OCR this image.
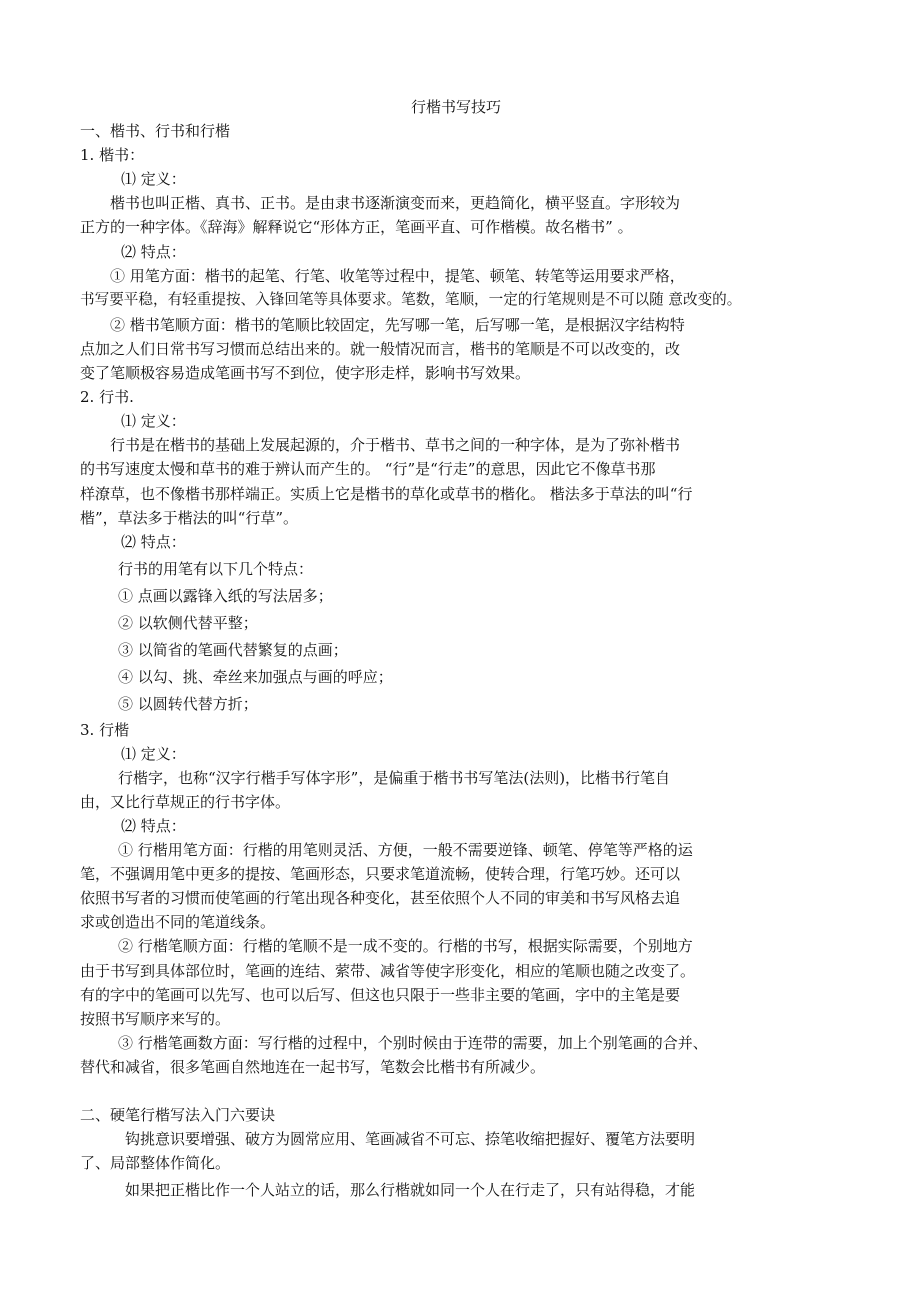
行楷书写技巧
一、楷书、行书和行楷
1. 楷书：
⑴ 定义：
楷书也叫正楷、真书、正书。是由隶书逐渐演变而来，更趋简化，横平竖直。字形较为
正方的一种字体。《辞海》解释说它“形体方正，笔画平直、可作楷模。故名楷书” 。
⑵ 特点：
① 用笔方面：楷书的起笔、行笔、收笔等过程中，提笔、顿笔、转笔等运用要求严格，
书写要平稳，有轻重提按、入锋回笔等具体要求。笔数，笔顺，一定的行笔规则是不可以随 意改变的。
② 楷书笔顺方面：楷书的笔顺比较固定，先写哪一笔，后写哪一笔，是根据汉字结构特
点加之人们日常书写习惯而总结出来的。就一般情况而言，楷书的笔顺是不可以改变的，改
变了笔顺极容易造成笔画书写不到位，使字形走样，影响书写效果。
2. 行书.
⑴ 定义：
行书是在楷书的基础上发展起源的，介于楷书、草书之间的一种字体，是为了弥补楷书
的书写速度太慢和草书的难于辨认而产生的。 “行”是“行走”的意思，因此它不像草书那
样潦草，也不像楷书那样端正。实质上它是楷书的草化或草书的楷化。 楷法多于草法的叫“行
楷”，草法多于楷法的叫“行草”。
⑵ 特点：
行书的用笔有以下几个特点：
① 点画以露锋入纸的写法居多；
② 以软侧代替平整；
③ 以简省的笔画代替繁复的点画；
④ 以勾、挑、牵丝来加强点与画的呼应；
⑤ 以圆转代替方折；
3. 行楷
⑴ 定义：
行楷字，也称“汉字行楷手写体字形”，是偏重于楷书书写笔法(法则)，比楷书行笔自
由，又比行草规正的行书字体。
⑵ 特点：
① 行楷用笔方面：行楷的用笔则灵活、方便，一般不需要逆锋、顿笔、停笔等严格的运
笔，不强调用笔中更多的提按、笔画形态，只要求笔道流畅，使转合理，行笔巧妙。还可以
依照书写者的习惯而使笔画的行笔出现各种变化，甚至依照个人不同的审美和书写风格去追
求或创造出不同的笔道线条。
② 行楷笔顺方面：行楷的笔顺不是一成不变的。行楷的书写，根据实际需要，个别地方
由于书写到具体部位时，笔画的连结、萦带、减省等使字形变化，相应的笔顺也随之改变了。
有的字中的笔画可以先写、也可以后写、但这也只限于一些非主要的笔画，字中的主笔是要
按照书写顺序来写的。
③ 行楷笔画数方面：写行楷的过程中，个别时候由于连带的需要，加上个别笔画的合并、
替代和减省，很多笔画自然地连在一起书写，笔数会比楷书有所减少。
二、硬笔行楷写法入门六要诀
钩挑意识要增强、破方为圆常应用、笔画减省不可忘、捺笔收缩把握好、覆笔方法要明
了、局部整体作简化。
如果把正楷比作一个人站立的话，那么行楷就如同一个人在行走了，只有站得稳，才能
